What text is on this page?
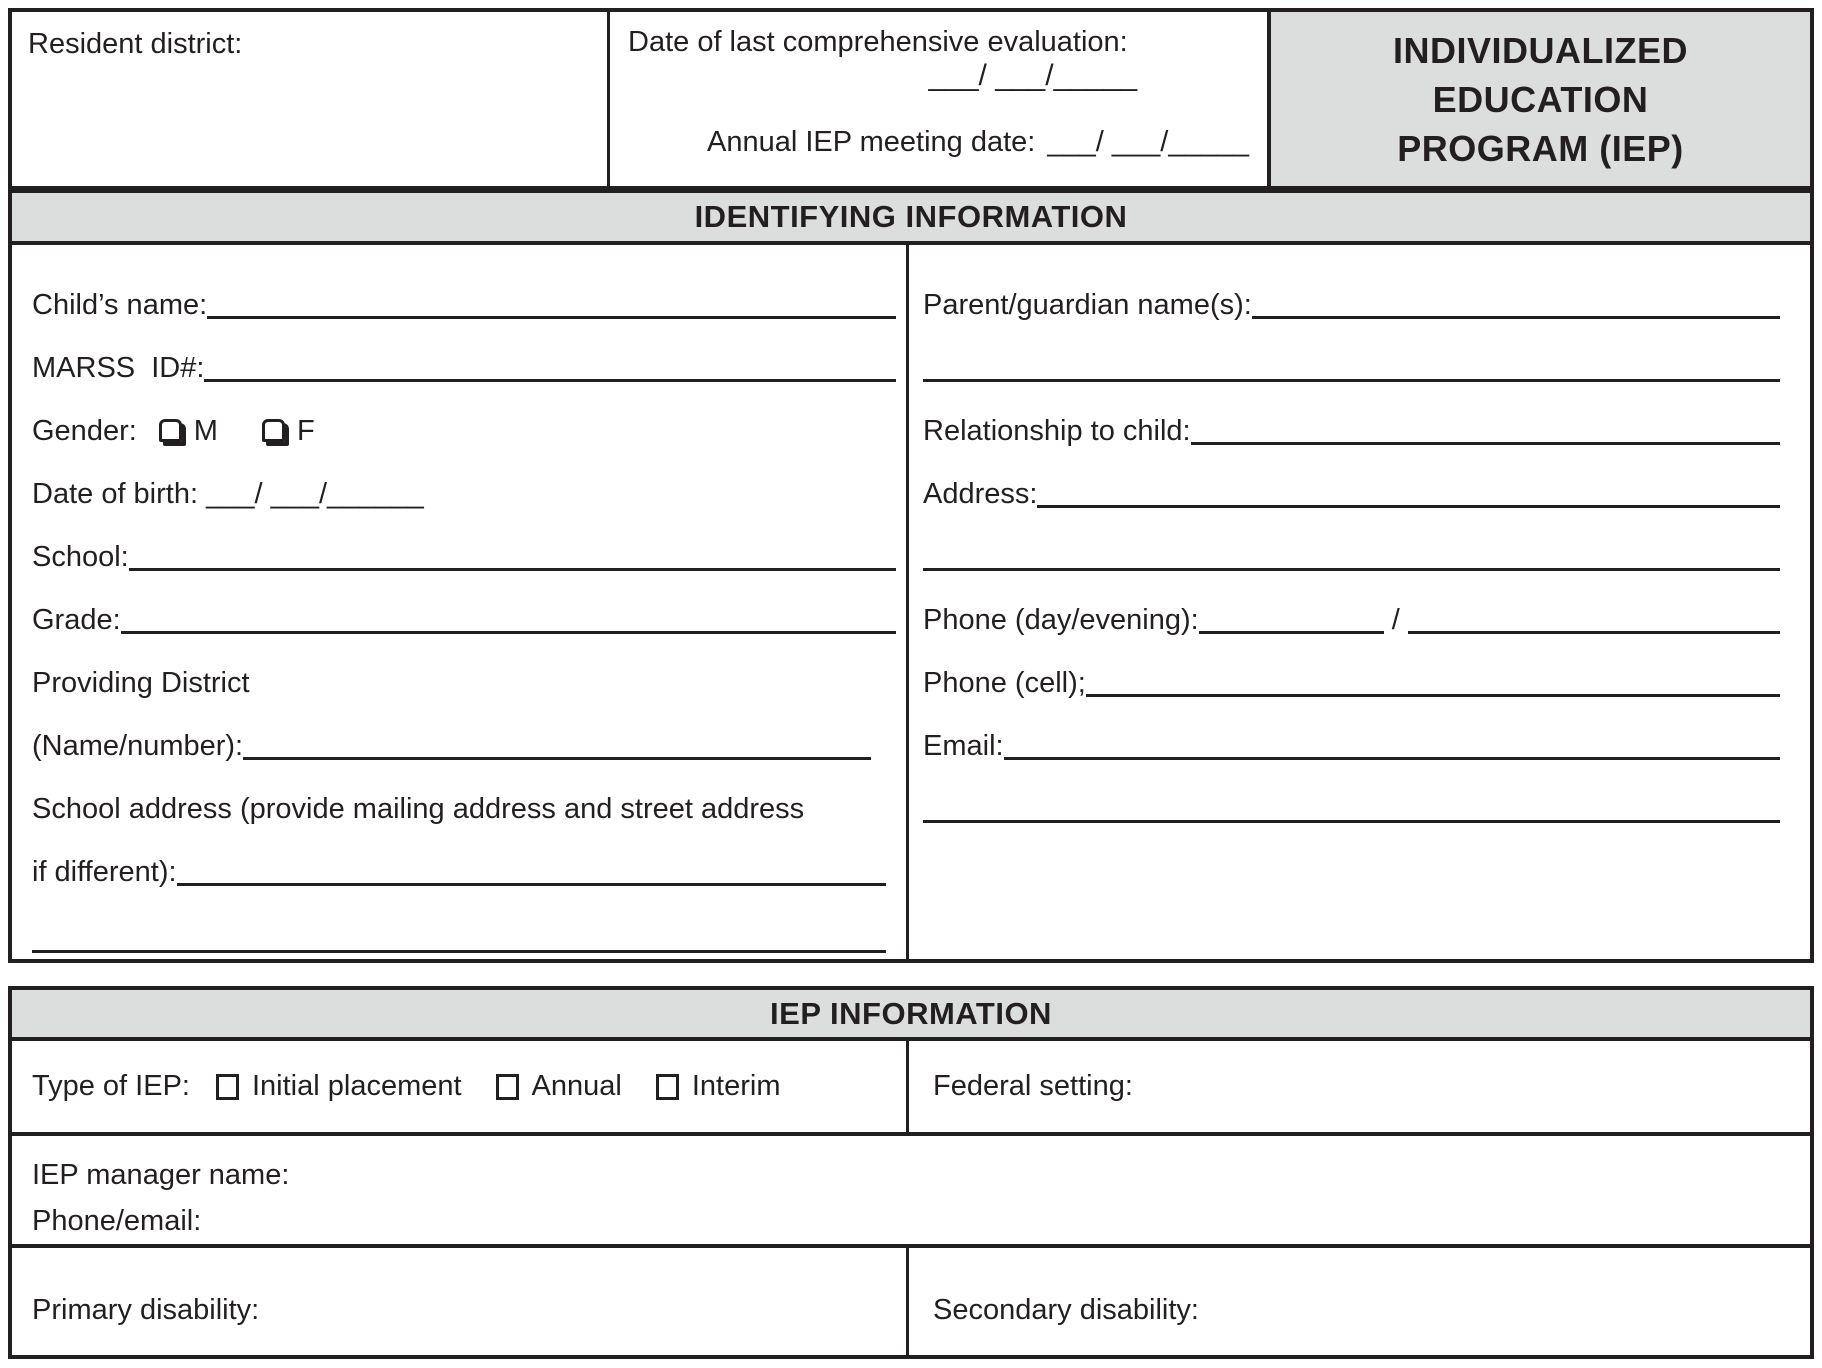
Resident district:	Date of last comprehensive evaluation:
___/ ___/_____

Annual IEP meeting date: ___/ ___/_____

INDIVIDUALIZED
EDUCATION
PROGRAM (IEP)
IDENTIFYING INFORMATION
Child’s name:
MARSS  ID#:
Gender: M	F
Date of birth: ___/ ___/______
School:
Grade:
Providing District
(Name/number):
School address (provide mailing address and street address
if different):
Parent/guardian name(s):
Relationship to child:
Address:
Phone (day/evening):	/
Phone (cell);
Email:
IEP INFORMATION
Type of IEP: Initial placement Annual Interim	Federal setting:
IEP manager name:
Phone/email:
Primary disability:	Secondary disability:
